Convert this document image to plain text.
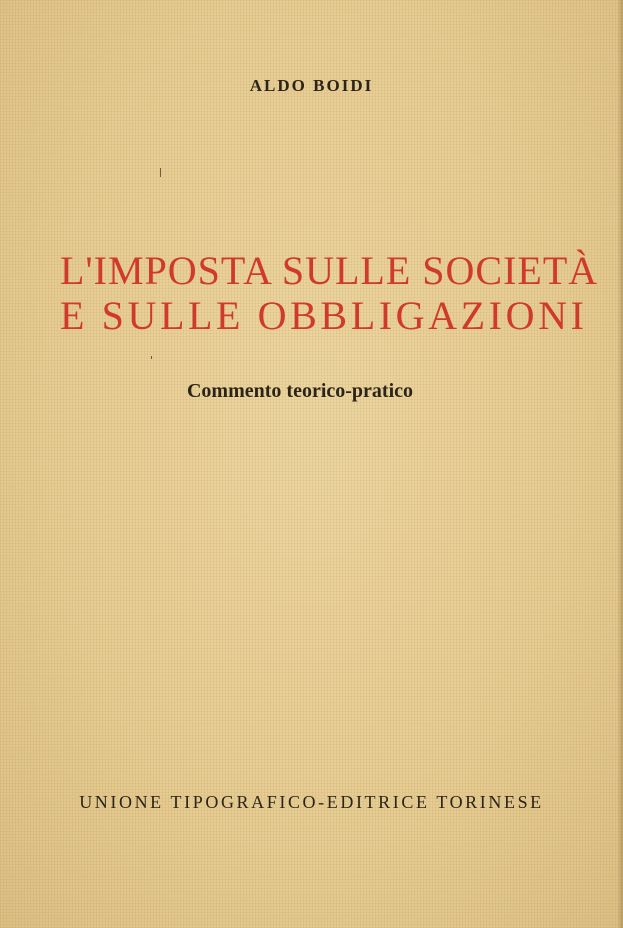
ALDO BOIDI
L'IMPOSTA SULLE SOCIETÀ
E SULLE OBBLIGAZIONI
Commento teorico-pratico
UNIONE TIPOGRAFICO-EDITRICE TORINESE
